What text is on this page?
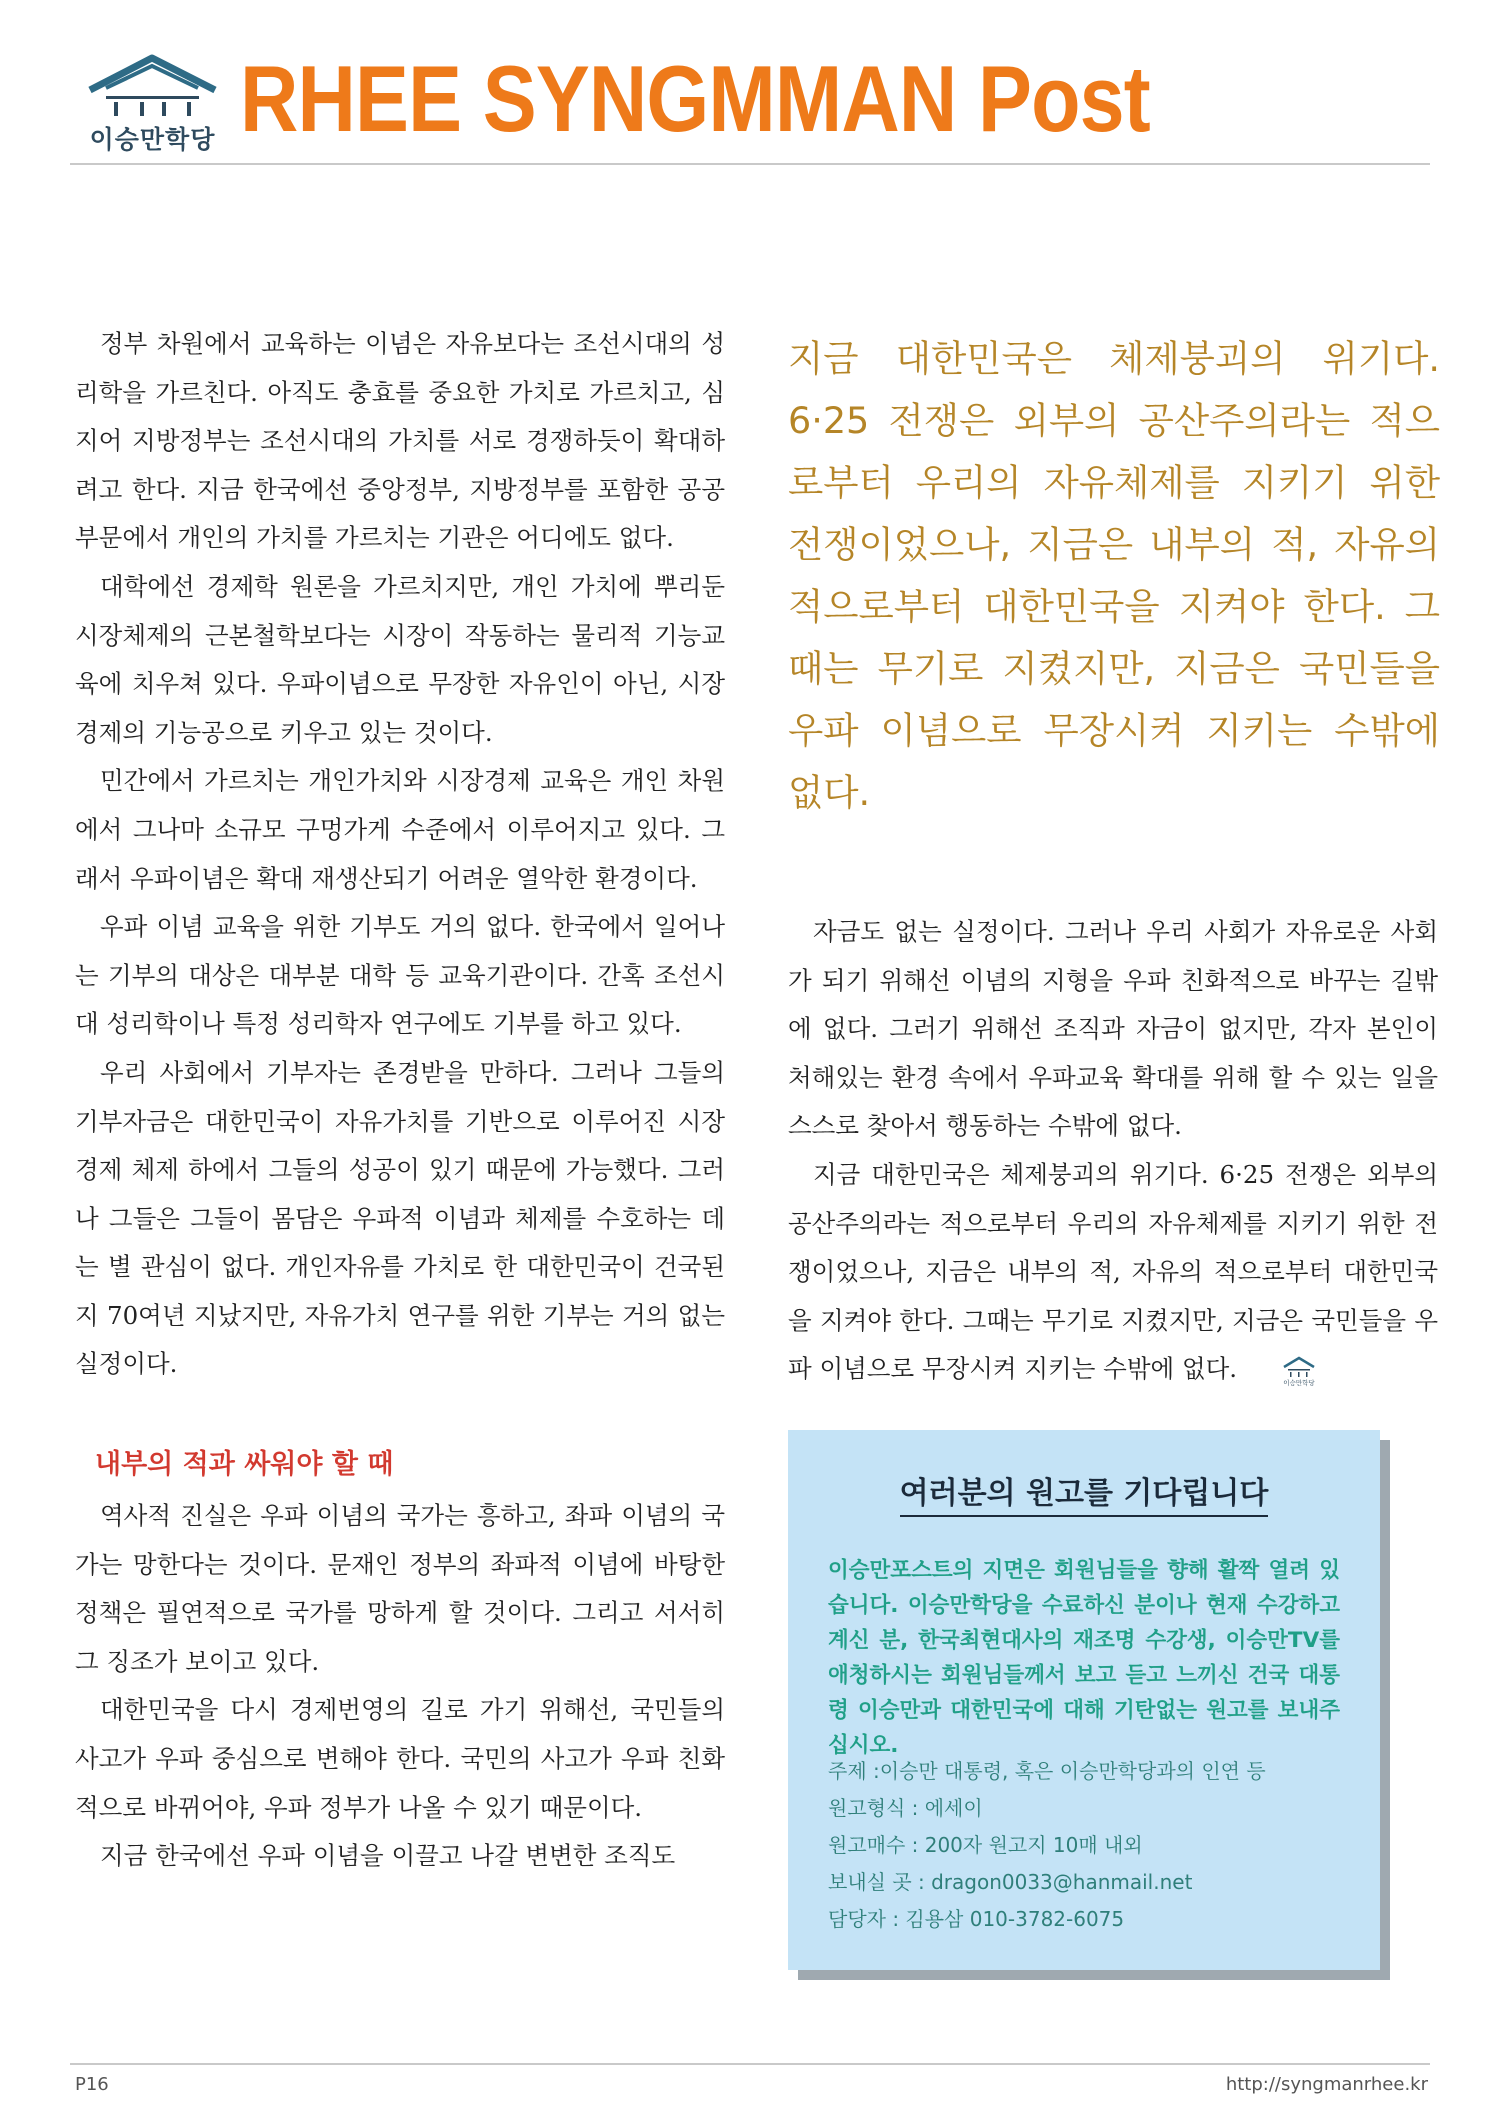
이승만학당 RHEE SYNGMMAN Post

정부 차원에서 교육하는 이념은 자유보다는 조선시대의 성리학을 가르친다. 아직도 충효를 중요한 가치로 가르치고, 심지어 지방정부는 조선시대의 가치를 서로 경쟁하듯이 확대하려고 한다. 지금 한국에선 중앙정부, 지방정부를 포함한 공공부문에서 개인의 가치를 가르치는 기관은 어디에도 없다.

대학에선 경제학 원론을 가르치지만, 개인 가치에 뿌리둔 시장체제의 근본철학보다는 시장이 작동하는 물리적 기능교육에 치우쳐 있다. 우파이념으로 무장한 자유인이 아닌, 시장경제의 기능공으로 키우고 있는 것이다.

민간에서 가르치는 개인가치와 시장경제 교육은 개인 차원에서 그나마 소규모 구멍가게 수준에서 이루어지고 있다. 그래서 우파이념은 확대 재생산되기 어려운 열악한 환경이다.

우파 이념 교육을 위한 기부도 거의 없다. 한국에서 일어나는 기부의 대상은 대부분 대학 등 교육기관이다. 간혹 조선시대 성리학이나 특정 성리학자 연구에도 기부를 하고 있다.

우리 사회에서 기부자는 존경받을 만하다. 그러나 그들의 기부자금은 대한민국이 자유가치를 기반으로 이루어진 시장경제 체제 하에서 그들의 성공이 있기 때문에 가능했다. 그러나 그들은 그들이 몸담은 우파적 이념과 체제를 수호하는 데는 별 관심이 없다. 개인자유를 가치로 한 대한민국이 건국된 지 70여년 지났지만, 자유가치 연구를 위한 기부는 거의 없는 실정이다.

내부의 적과 싸워야 할 때

역사적 진실은 우파 이념의 국가는 흥하고, 좌파 이념의 국가는 망한다는 것이다. 문재인 정부의 좌파적 이념에 바탕한 정책은 필연적으로 국가를 망하게 할 것이다. 그리고 서서히 그 징조가 보이고 있다.

대한민국을 다시 경제번영의 길로 가기 위해선, 국민들의 사고가 우파 중심으로 변해야 한다. 국민의 사고가 우파 친화적으로 바뀌어야, 우파 정부가 나올 수 있기 때문이다.

지금 한국에선 우파 이념을 이끌고 나갈 변변한 조직도

지금 대한민국은 체제붕괴의 위기다. 6·25 전쟁은 외부의 공산주의라는 적으로부터 우리의 자유체제를 지키기 위한 전쟁이었으나, 지금은 내부의 적, 자유의 적으로부터 대한민국을 지켜야 한다. 그때는 무기로 지켰지만, 지금은 국민들을 우파 이념으로 무장시켜 지키는 수밖에 없다.

자금도 없는 실정이다. 그러나 우리 사회가 자유로운 사회가 되기 위해선 이념의 지형을 우파 친화적으로 바꾸는 길밖에 없다. 그러기 위해선 조직과 자금이 없지만, 각자 본인이 처해있는 환경 속에서 우파교육 확대를 위해 할 수 있는 일을 스스로 찾아서 행동하는 수밖에 없다.

지금 대한민국은 체제붕괴의 위기다. 6·25 전쟁은 외부의 공산주의라는 적으로부터 우리의 자유체제를 지키기 위한 전쟁이었으나, 지금은 내부의 적, 자유의 적으로부터 대한민국을 지켜야 한다. 그때는 무기로 지켰지만, 지금은 국민들을 우파 이념으로 무장시켜 지키는 수밖에 없다.	이승만학당

여러분의 원고를 기다립니다
이승만포스트의 지면은 회원님들을 향해 활짝 열려 있습니다. 이승만학당을 수료하신 분이나 현재 수강하고 계신 분, 한국최현대사의 재조명 수강생, 이승만TV를 애청하시는 회원님들께서 보고 듣고 느끼신 건국 대통령 이승만과 대한민국에 대해 기탄없는 원고를 보내주십시오.
주제 :이승만 대통령, 혹은 이승만학당과의 인연 등
원고형식 : 에세이
원고매수 : 200자 원고지 10매 내외
보내실 곳 : dragon0033@hanmail.net
담당자 : 김용삼 010-3782-6075
P16	http://syngmanrhee.kr
